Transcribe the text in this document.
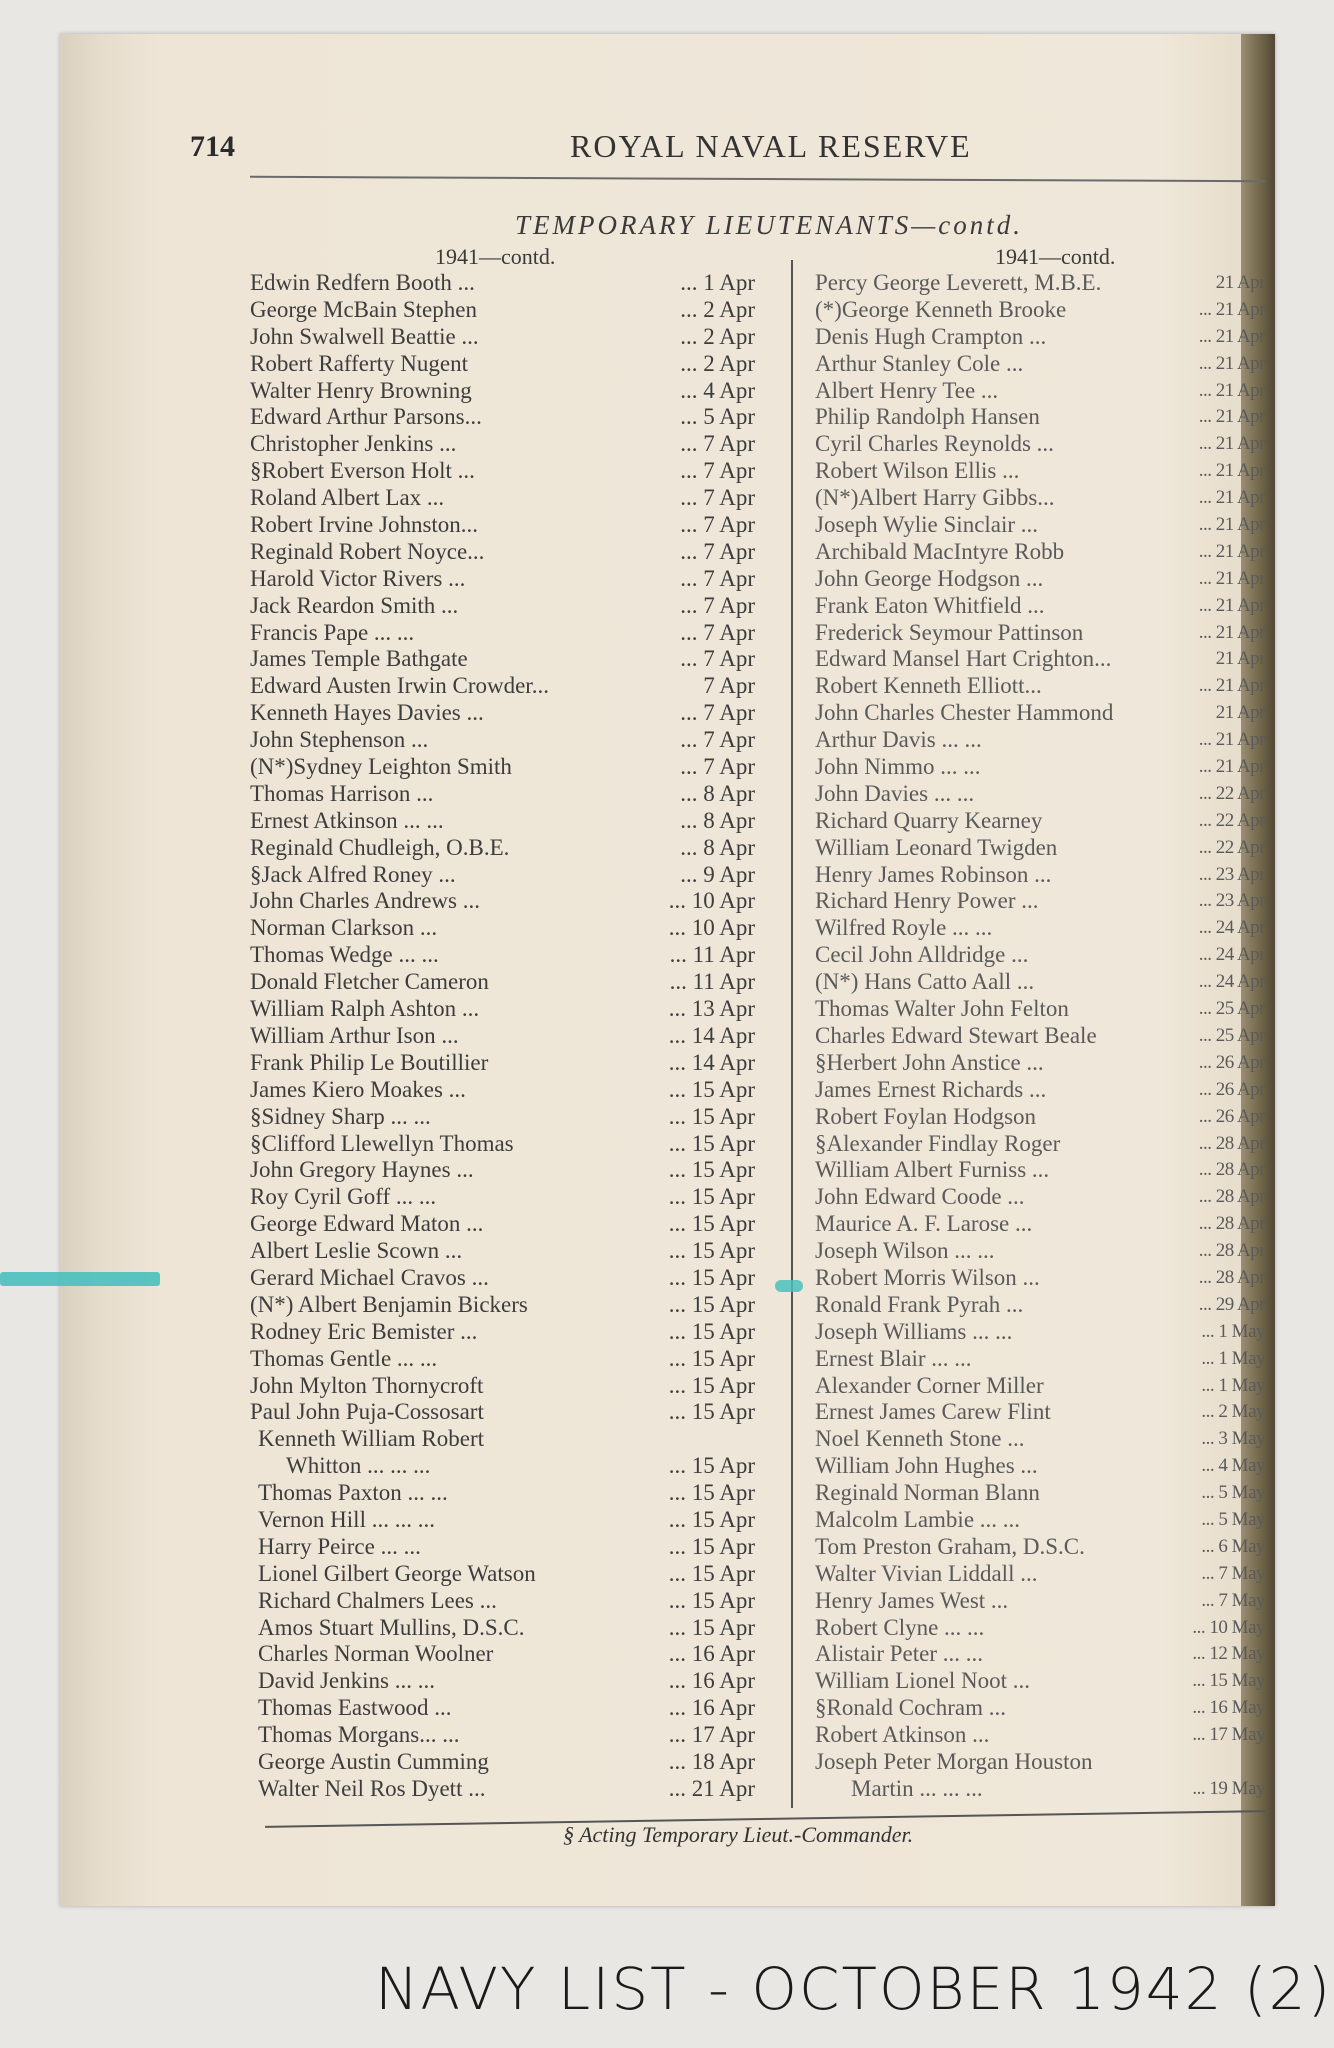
714	ROYAL NAVAL RESERVE
TEMPORARY LIEUTENANTS—contd.
1941—contd.	1941—contd.
Edwin Redfern Booth ...	... 1 Apr
George McBain Stephen	... 2 Apr
John Swalwell Beattie ...	... 2 Apr
Robert Rafferty Nugent	... 2 Apr
Walter Henry Browning	... 4 Apr
Edward Arthur Parsons...	... 5 Apr
Christopher Jenkins ...	... 7 Apr
§Robert Everson Holt ...	... 7 Apr
Roland Albert Lax ...	... 7 Apr
Robert Irvine Johnston...	... 7 Apr
Reginald Robert Noyce...	... 7 Apr
Harold Victor Rivers ...	... 7 Apr
Jack Reardon Smith ...	... 7 Apr
Francis Pape ... ...	... 7 Apr
James Temple Bathgate	... 7 Apr
Edward Austen Irwin Crowder...	7 Apr
Kenneth Hayes Davies ...	... 7 Apr
John Stephenson ...	... 7 Apr
(N*)Sydney Leighton Smith	... 7 Apr
Thomas Harrison ...	... 8 Apr
Ernest Atkinson ... ...	... 8 Apr
Reginald Chudleigh, O.B.E.	... 8 Apr
§Jack Alfred Roney ...	... 9 Apr
John Charles Andrews ...	... 10 Apr
Norman Clarkson ...	... 10 Apr
Thomas Wedge ... ...	... 11 Apr
Donald Fletcher Cameron	... 11 Apr
William Ralph Ashton ...	... 13 Apr
William Arthur Ison ...	... 14 Apr
Frank Philip Le Boutillier	... 14 Apr
James Kiero Moakes ...	... 15 Apr
§Sidney Sharp ... ...	... 15 Apr
§Clifford Llewellyn Thomas	... 15 Apr
John Gregory Haynes ...	... 15 Apr
Roy Cyril Goff ... ...	... 15 Apr
George Edward Maton ...	... 15 Apr
Albert Leslie Scown ...	... 15 Apr
Gerard Michael Cravos ...	... 15 Apr
(N*) Albert Benjamin Bickers	... 15 Apr
Rodney Eric Bemister ...	... 15 Apr
Thomas Gentle ... ...	... 15 Apr
John Mylton Thornycroft	... 15 Apr
Paul John Puja-Cossosart	... 15 Apr
Kenneth William Robert
Whitton ... ... ...	... 15 Apr
Thomas Paxton ... ...	... 15 Apr
Vernon Hill ... ... ...	... 15 Apr
Harry Peirce ... ...	... 15 Apr
Lionel Gilbert George Watson	... 15 Apr
Richard Chalmers Lees ...	... 15 Apr
Amos Stuart Mullins, D.S.C.	... 15 Apr
Charles Norman Woolner	... 16 Apr
David Jenkins ... ...	... 16 Apr
Thomas Eastwood ...	... 16 Apr
Thomas Morgans... ...	... 17 Apr
George Austin Cumming	... 18 Apr
Walter Neil Ros Dyett ...	... 21 Apr
Percy George Leverett, M.B.E.	21 Apr
(*)George Kenneth Brooke	... 21 Apr
Denis Hugh Crampton ...	... 21 Apr
Arthur Stanley Cole ...	... 21 Apr
Albert Henry Tee ...	... 21 Apr
Philip Randolph Hansen	... 21 Apr
Cyril Charles Reynolds ...	... 21 Apr
Robert Wilson Ellis ...	... 21 Apr
(N*)Albert Harry Gibbs...	... 21 Apr
Joseph Wylie Sinclair ...	... 21 Apr
Archibald MacIntyre Robb	... 21 Apr
John George Hodgson ...	... 21 Apr
Frank Eaton Whitfield ...	... 21 Apr
Frederick Seymour Pattinson	... 21 Apr
Edward Mansel Hart Crighton...	21 Apr
Robert Kenneth Elliott...	... 21 Apr
John Charles Chester Hammond	21 Apr
Arthur Davis ... ...	... 21 Apr
John Nimmo ... ...	... 21 Apr
John Davies ... ...	... 22 Apr
Richard Quarry Kearney	... 22 Apr
William Leonard Twigden	... 22 Apr
Henry James Robinson ...	... 23 Apr
Richard Henry Power ...	... 23 Apr
Wilfred Royle ... ...	... 24 Apr
Cecil John Alldridge ...	... 24 Apr
(N*) Hans Catto Aall ...	... 24 Apr
Thomas Walter John Felton	... 25 Apr
Charles Edward Stewart Beale	... 25 Apr
§Herbert John Anstice ...	... 26 Apr
James Ernest Richards ...	... 26 Apr
Robert Foylan Hodgson	... 26 Apr
§Alexander Findlay Roger	... 28 Apr
William Albert Furniss ...	... 28 Apr
John Edward Coode ...	... 28 Apr
Maurice A. F. Larose ...	... 28 Apr
Joseph Wilson ... ...	... 28 Apr
Robert Morris Wilson ...	... 28 Apr
Ronald Frank Pyrah ...	... 29 Apr
Joseph Williams ... ...	... 1 May
Ernest Blair ... ...	... 1 May
Alexander Corner Miller	... 1 May
Ernest James Carew Flint	... 2 May
Noel Kenneth Stone ...	... 3 May
William John Hughes ...	... 4 May
Reginald Norman Blann	... 5 May
Malcolm Lambie ... ...	... 5 May
Tom Preston Graham, D.S.C.	... 6 May
Walter Vivian Liddall ...	... 7 May
Henry James West ...	... 7 May
Robert Clyne ... ...	... 10 May
Alistair Peter ... ...	... 12 May
William Lionel Noot ...	... 15 May
§Ronald Cochram ...	... 16 May
Robert Atkinson ...	... 17 May
Joseph Peter Morgan Houston
Martin ... ... ...	... 19 May
§ Acting Temporary Lieut.-Commander.
NAVY LIST - OCTOBER 1942 (2)
